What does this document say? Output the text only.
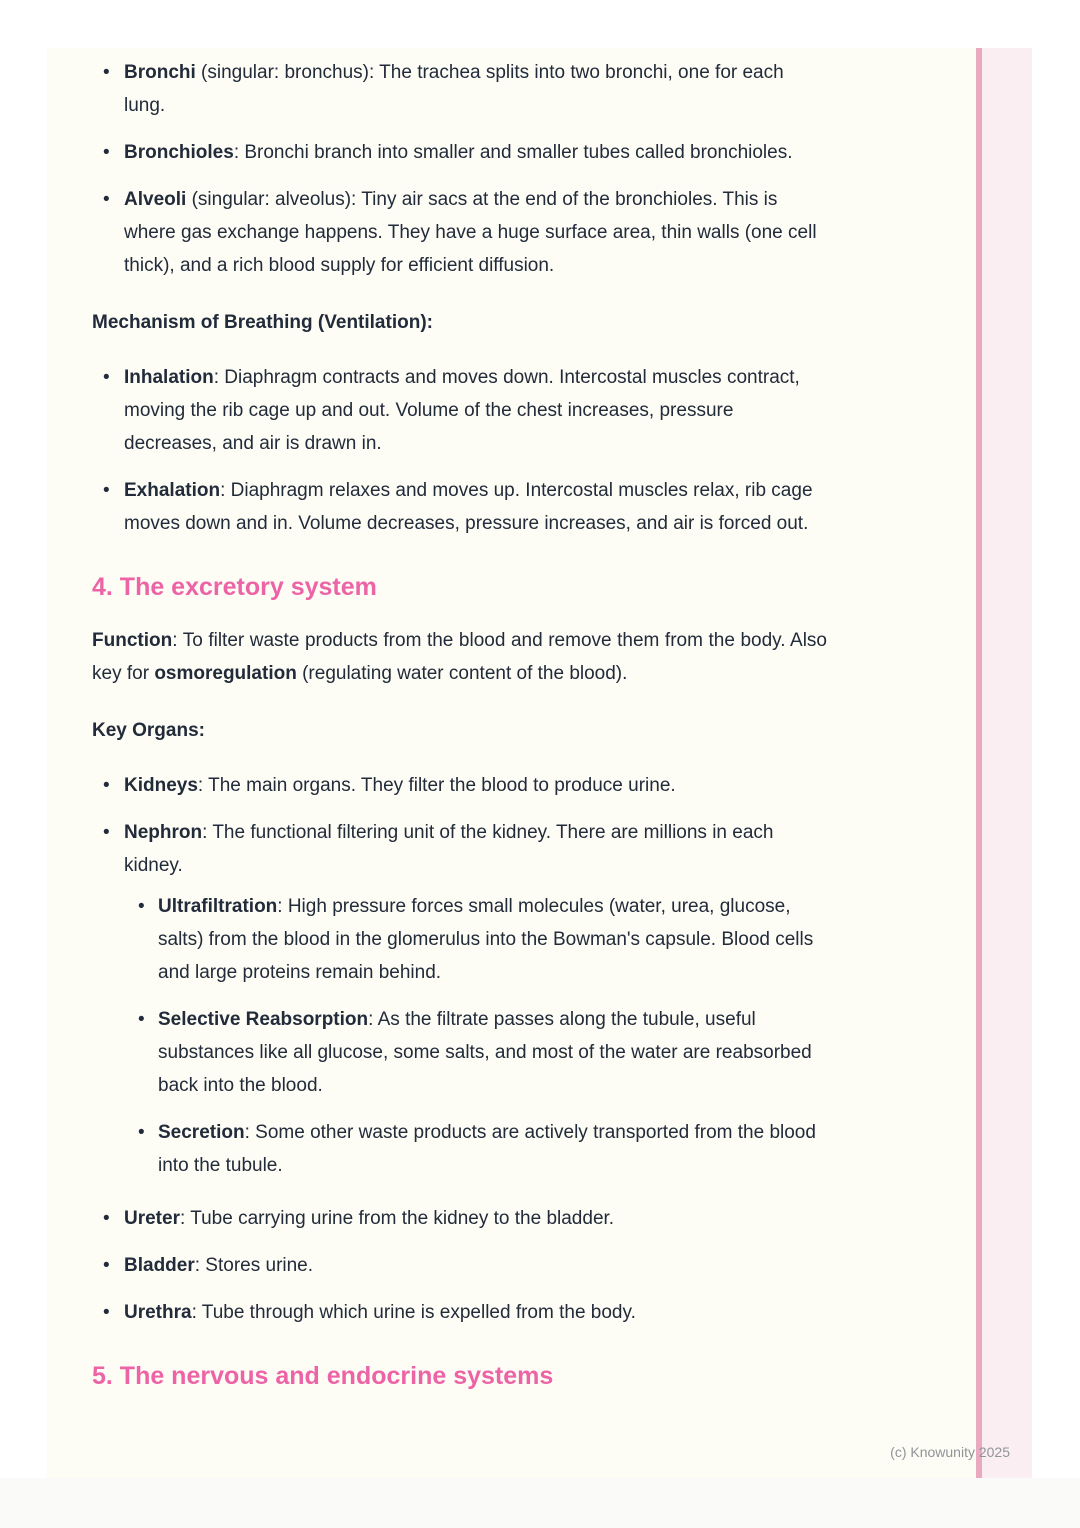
• Bronchi (singular: bronchus): The trachea splits into two bronchi, one for each lung.
• Bronchioles: Bronchi branch into smaller and smaller tubes called bronchioles.
• Alveoli (singular: alveolus): Tiny air sacs at the end of the bronchioles. This is where gas exchange happens. They have a huge surface area, thin walls (one cell thick), and a rich blood supply for efficient diffusion.
Mechanism of Breathing (Ventilation):
• Inhalation: Diaphragm contracts and moves down. Intercostal muscles contract, moving the rib cage up and out. Volume of the chest increases, pressure decreases, and air is drawn in.
• Exhalation: Diaphragm relaxes and moves up. Intercostal muscles relax, rib cage moves down and in. Volume decreases, pressure increases, and air is forced out.
4. The excretory system
Function: To filter waste products from the blood and remove them from the body. Also key for osmoregulation (regulating water content of the blood).
Key Organs:
• Kidneys: The main organs. They filter the blood to produce urine.
• Nephron: The functional filtering unit of the kidney. There are millions in each kidney.
• Ultrafiltration: High pressure forces small molecules (water, urea, glucose, salts) from the blood in the glomerulus into the Bowman's capsule. Blood cells and large proteins remain behind.
• Selective Reabsorption: As the filtrate passes along the tubule, useful substances like all glucose, some salts, and most of the water are reabsorbed back into the blood.
• Secretion: Some other waste products are actively transported from the blood into the tubule.
• Ureter: Tube carrying urine from the kidney to the bladder.
• Bladder: Stores urine.
• Urethra: Tube through which urine is expelled from the body.
5. The nervous and endocrine systems
(c) Knowunity 2025
